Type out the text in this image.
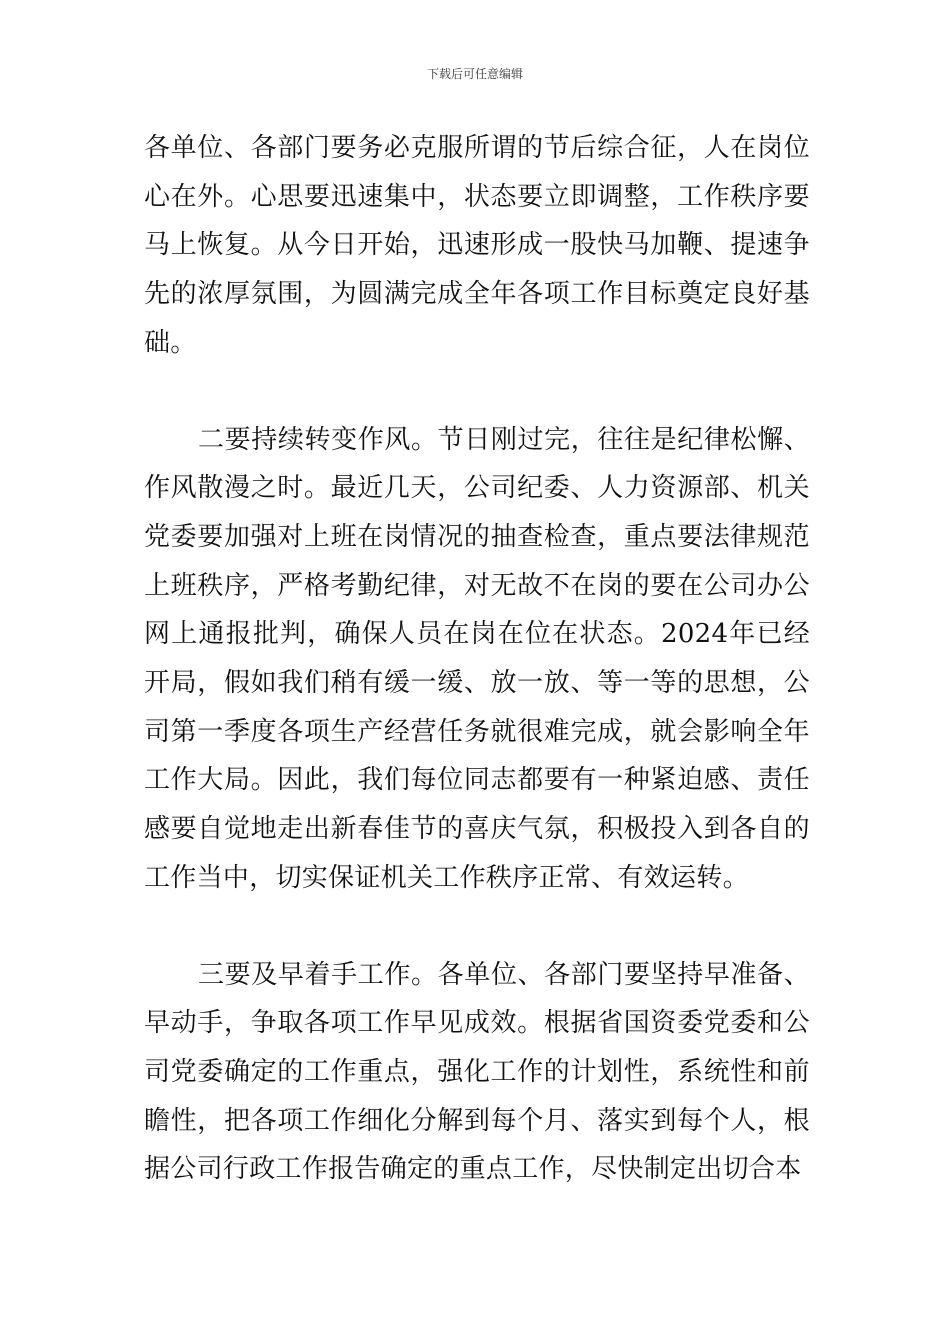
下载后可任意编辑

各单位、各部门要务必克服所谓的节后综合征，人在岗位心在外。心思要迅速集中，状态要立即调整，工作秩序要马上恢复。从今日开始，迅速形成一股快马加鞭、提速争先的浓厚氛围，为圆满完成全年各项工作目标奠定良好基础。

二要持续转变作风。节日刚过完，往往是纪律松懈、作风散漫之时。最近几天，公司纪委、人力资源部、机关党委要加强对上班在岗情况的抽查检查，重点要法律规范上班秩序，严格考勤纪律，对无故不在岗的要在公司办公网上通报批判，确保人员在岗在位在状态。2024年已经开局，假如我们稍有缓一缓、放一放、等一等的思想，公司第一季度各项生产经营任务就很难完成，就会影响全年工作大局。因此，我们每位同志都要有一种紧迫感、责任感要自觉地走出新春佳节的喜庆气氛，积极投入到各自的工作当中，切实保证机关工作秩序正常、有效运转。

三要及早着手工作。各单位、各部门要坚持早准备、早动手，争取各项工作早见成效。根据省国资委党委和公司党委确定的工作重点，强化工作的计划性，系统性和前瞻性，把各项工作细化分解到每个月、落实到每个人，根据公司行政工作报告确定的重点工作，尽快制定出切合本
